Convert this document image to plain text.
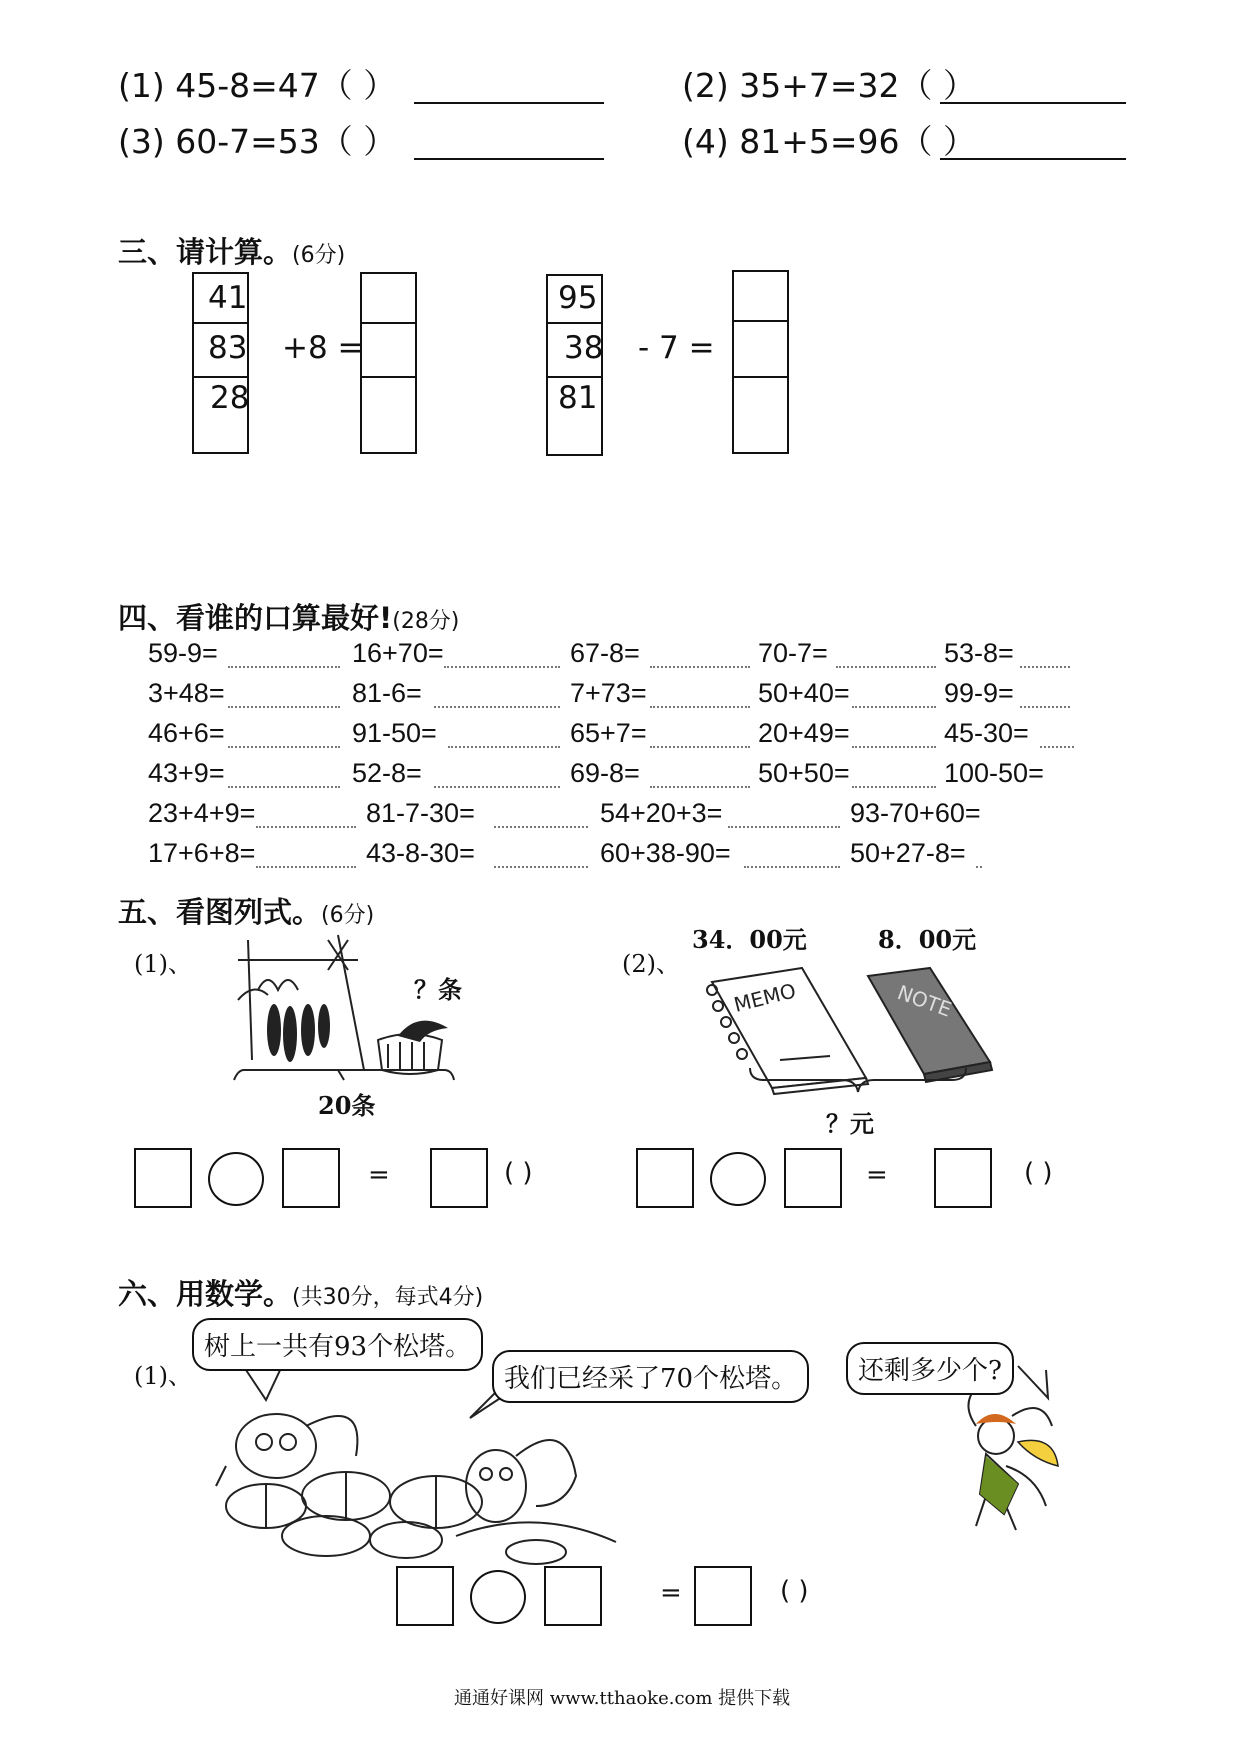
(1) 45-8=47（ ）	(2) 35+7=32（ ）
(3) 60-7=53（ ）	(4) 81+5=96（ ）
三、请计算。(6分)
41
83
28
+8 =
95
38
81
- 7 =
四、看谁的口算最好!(28分)
59-9=	16+70=	67-8=	70-7=	53-8=
3+48=	81-6=	7+73=	50+40=	99-9=
46+6=	91-50=	65+7=	20+49=	45-30=
43+9=	52-8=	69-8=	50+50=	100-50=
23+4+9=	81-7-30=	54+20+3=	93-70+60=
17+6+8=	43-8-30=	60+38-90=	50+27-8=
五、看图列式。(6分)
(1)、
？条
20条
(2)、
34．00元	8．00元
MEMO	NOTE
？元
=	( )	=	( )
六、用数学。(共30分，每式4分)
(1)、
树上一共有93个松塔。
我们已经采了70个松塔。	还剩多少个?
=	( )
通通好课网 www.tthaoke.com 提供下载
